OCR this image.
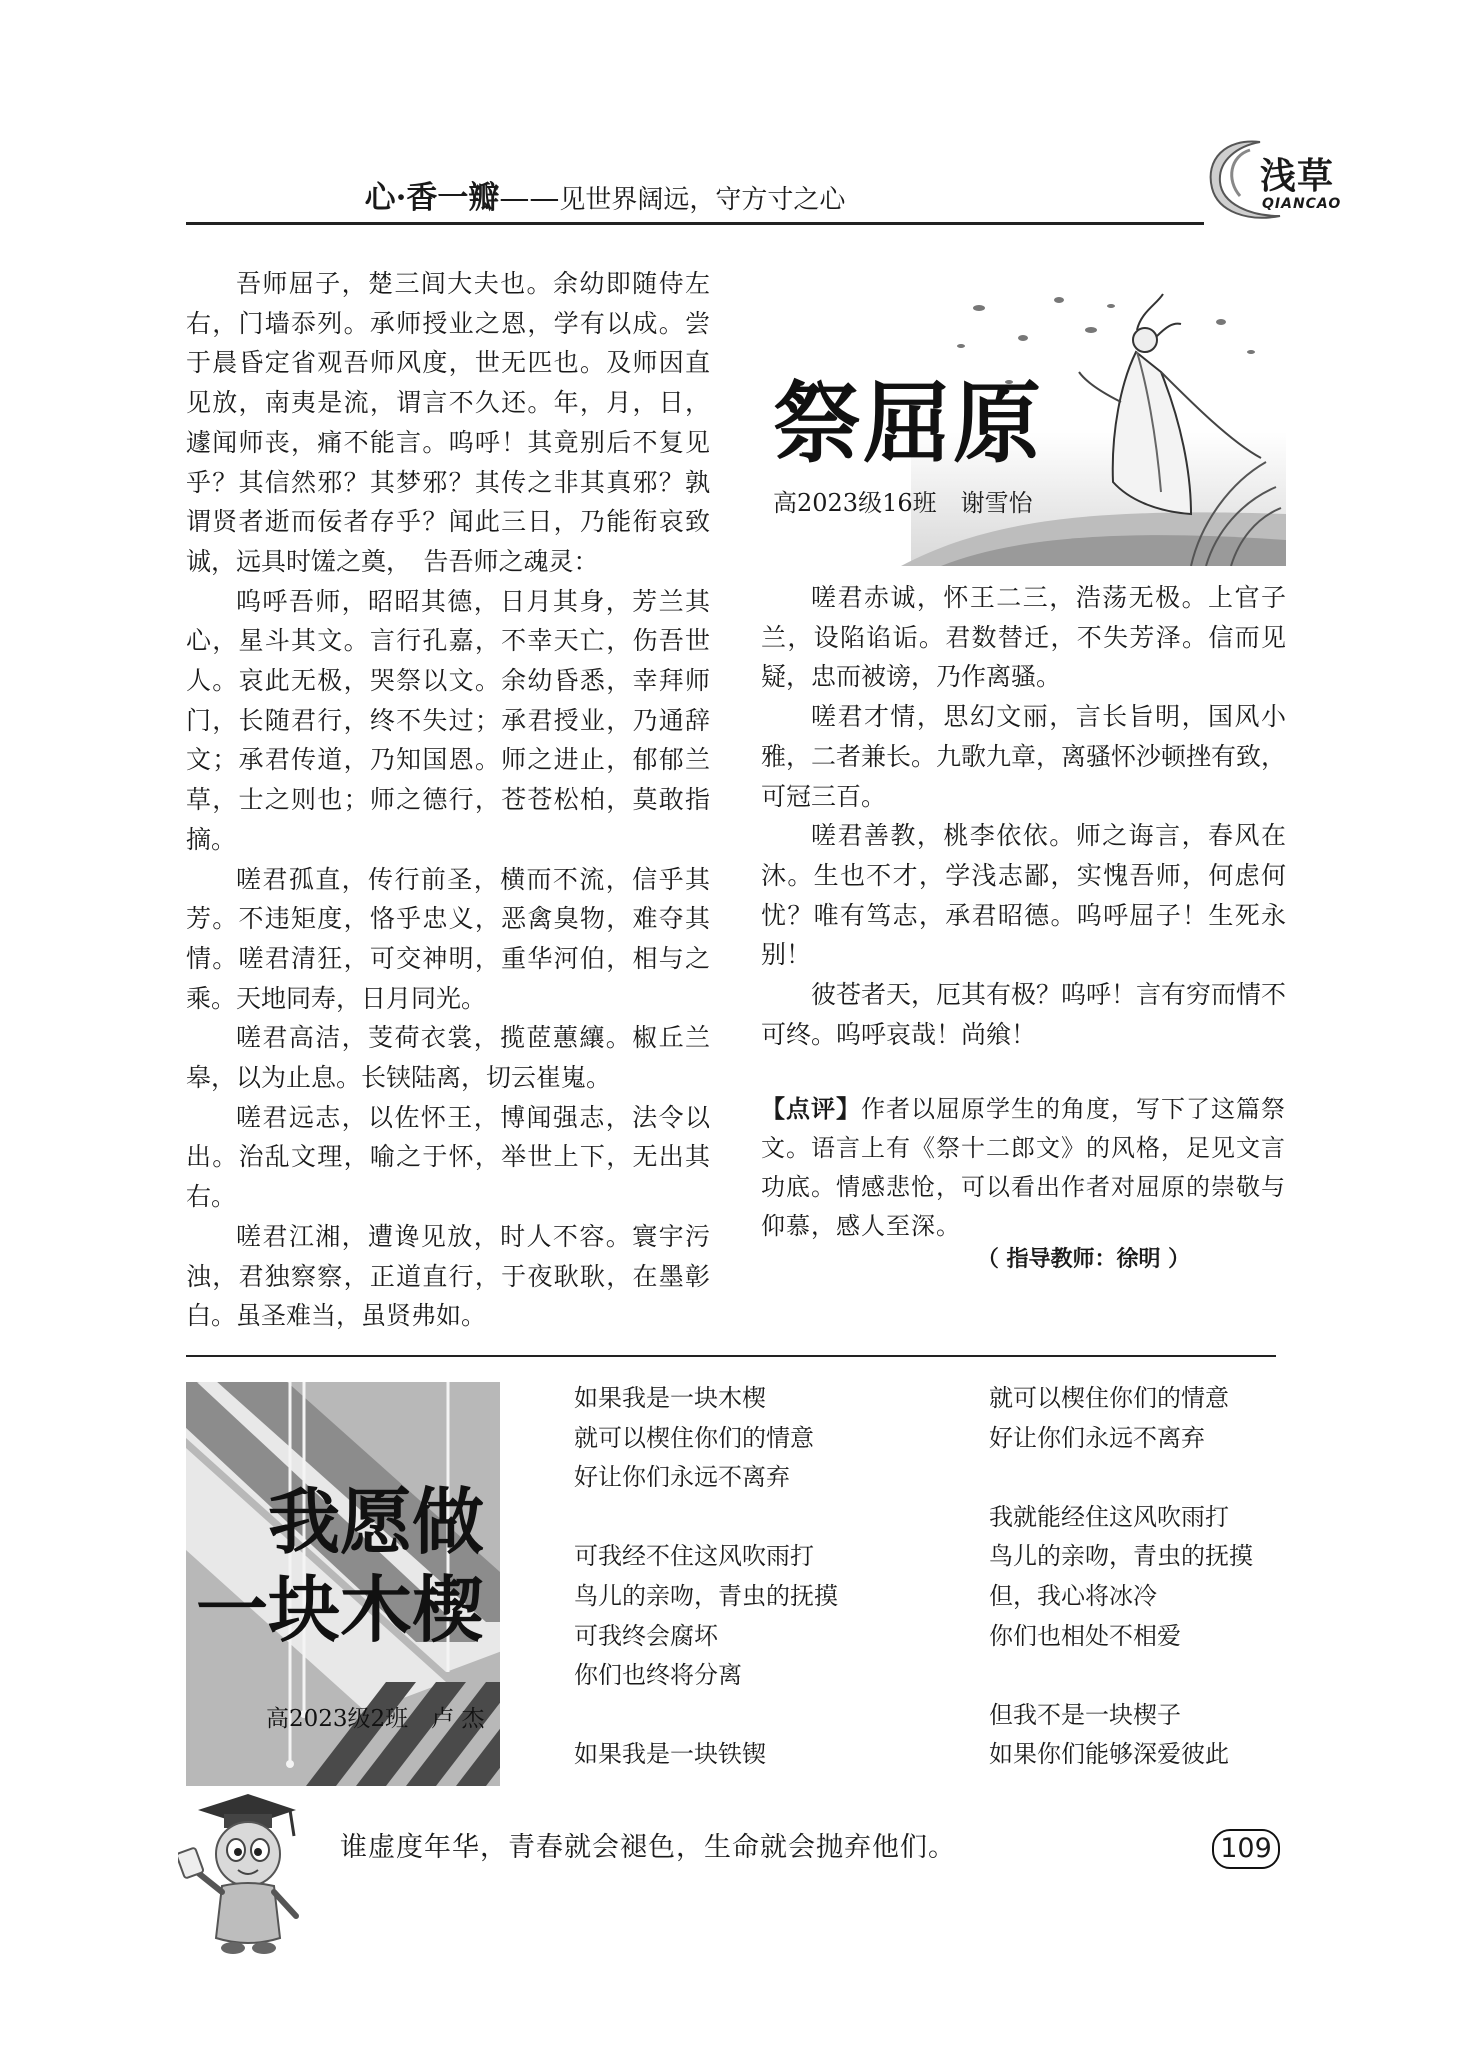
心·香一瓣——见世界阔远，守方寸之心
浅草
QIANCAO

吾师屈子，楚三闾大夫也。余幼即随侍左右，门墙忝列。承师授业之恩，学有以成。尝于晨昏定省观吾师风度，世无匹也。及师因直见放，南夷是流，谓言不久还。年，月，日，遽闻师丧，痛不能言。呜呼！其竟别后不复见乎？其信然邪？其梦邪？其传之非其真邪？孰谓贤者逝而佞者存乎？闻此三日，乃能衔哀致诚，远具时馐之奠，　告吾师之魂灵：

呜呼吾师，昭昭其德，日月其身，芳兰其心，星斗其文。言行孔嘉，不幸天亡，伤吾世人。哀此无极，哭祭以文。余幼昏悉，幸拜师门，长随君行，终不失过；承君授业，乃通辞文；承君传道，乃知国恩。师之进止，郁郁兰草，士之则也；师之德行，苍苍松柏，莫敢指摘。

嗟君孤直，传行前圣，横而不流，信乎其芳。不违矩度，恪乎忠义，恶禽臭物，难夺其情。嗟君清狂，可交神明，重华河伯，相与之乘。天地同寿，日月同光。

嗟君高洁，芰荷衣裳，揽茝蕙纕。椒丘兰皋，以为止息。长铗陆离，切云崔嵬。

嗟君远志，以佐怀王，博闻强志，法令以出。治乱文理，喻之于怀，举世上下，无出其右。

嗟君江湘，遭谗见放，时人不容。寰宇污浊，君独察察，正道直行，于夜耿耿，在墨彰白。虽圣难当，虽贤弗如。

祭屈原
高2023级16班　谢雪怡

嗟君赤诚，怀王二三，浩荡无极。上官子兰，设陷谄诟。君数替迁，不失芳泽。信而见疑，忠而被谤，乃作离骚。

嗟君才情，思幻文丽，言长旨明，国风小雅，二者兼长。九歌九章，离骚怀沙顿挫有致，可冠三百。

嗟君善教，桃李依依。师之诲言，春风在沐。生也不才，学浅志鄙，实愧吾师，何虑何忧？唯有笃志，承君昭德。呜呼屈子！生死永别！

彼苍者天，厄其有极？呜呼！言有穷而情不可终。呜呼哀哉！尚飨！

【点评】作者以屈原学生的角度，写下了这篇祭文。语言上有《祭十二郎文》的风格，足见文言功底。情感悲怆，可以看出作者对屈原的崇敬与仰慕，感人至深。
（ 指导教师：徐明 ）
我愿做
一块木楔
高2023级2班　卢 杰
如果我是一块木楔
就可以楔住你们的情意
好让你们永远不离弃
可我经不住这风吹雨打
鸟儿的亲吻，青虫的抚摸
可我终会腐坏
你们也终将分离
如果我是一块铁锲
就可以楔住你们的情意
好让你们永远不离弃
我就能经住这风吹雨打
鸟儿的亲吻，青虫的抚摸
但，我心将冰冷
你们也相处不相爱
但我不是一块楔子
如果你们能够深爱彼此
谁虚度年华，青春就会褪色，生命就会抛弃他们。	109
